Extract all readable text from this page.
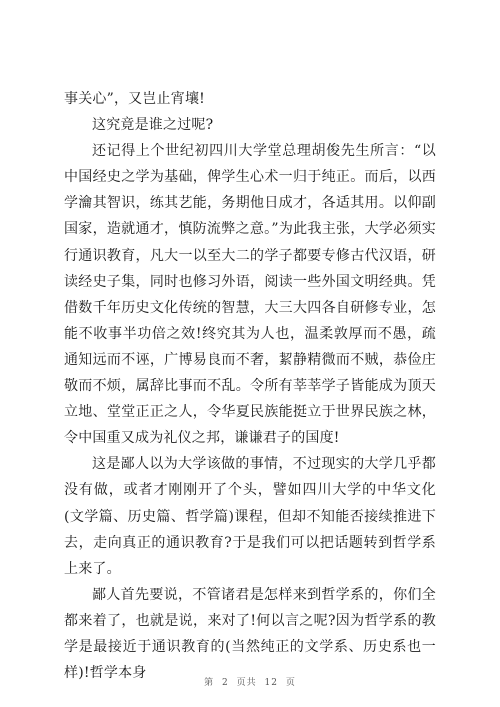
事关心”，又岂止宵壤!

这究竟是谁之过呢?

还记得上个世纪初四川大学堂总理胡俊先生所言：“以中国经史之学为基础，俾学生心术一归于纯正。而后，以西学瀹其智识，练其艺能，务期他日成才，各适其用。以仰副国家，造就通才，慎防流弊之意。”为此我主张，大学必须实行通识教育，凡大一以至大二的学子都要专修古代汉语，研读经史子集，同时也修习外语，阅读一些外国文明经典。凭借数千年历史文化传统的智慧，大三大四各自研修专业，怎能不收事半功倍之效!终究其为人也，温柔敦厚而不愚，疏通知远而不诬，广博易良而不奢，絜静精微而不贼，恭俭庄敬而不烦，属辞比事而不乱。令所有莘莘学子皆能成为顶天立地、堂堂正正之人，令华夏民族能挺立于世界民族之林，令中国重又成为礼仪之邦，谦谦君子的国度!

这是鄙人以为大学该做的事情，不过现实的大学几乎都没有做，或者才刚刚开了个头，譬如四川大学的中华文化(文学篇、历史篇、哲学篇)课程，但却不知能否接续推进下去，走向真正的通识教育?于是我们可以把话题转到哲学系上来了。

鄙人首先要说，不管诸君是怎样来到哲学系的，你们全都来着了，也就是说，来对了!何以言之呢?因为哲学系的教学是最接近于通识教育的(当然纯正的文学系、历史系也一样)!哲学本身

第 2 页共 12 页
